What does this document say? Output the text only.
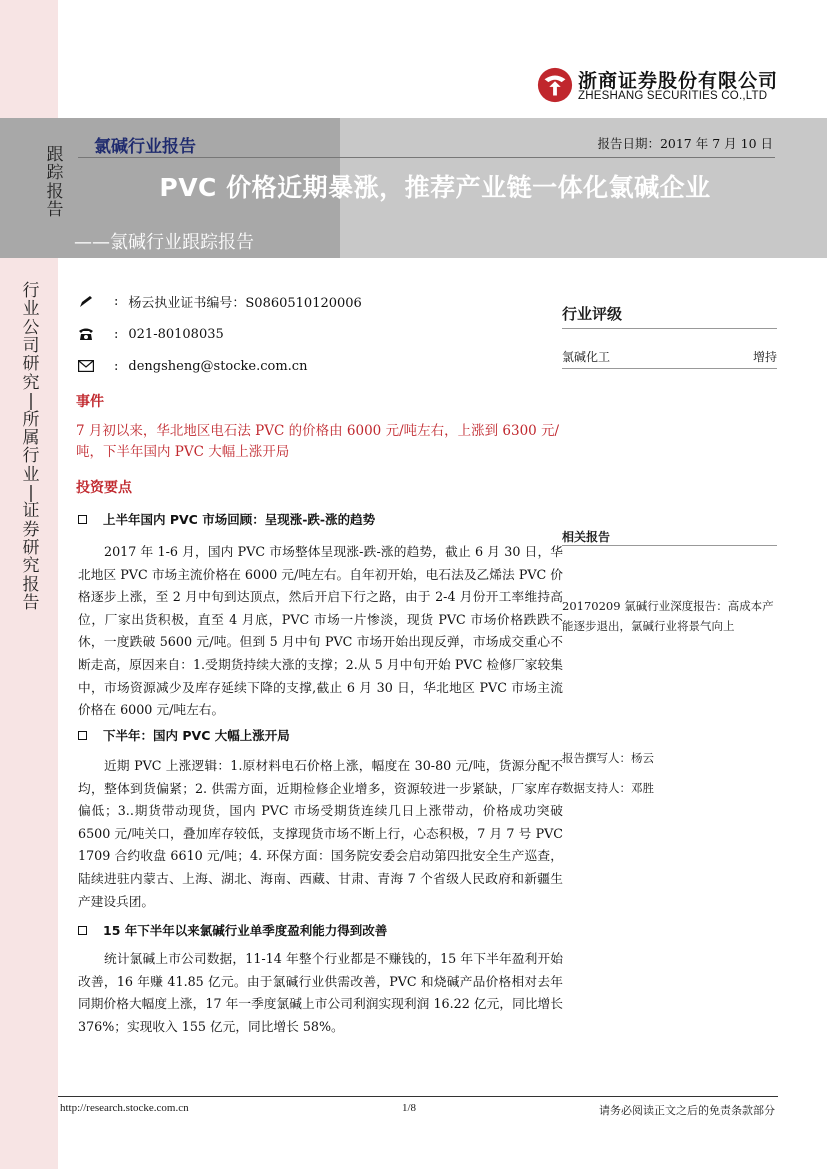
浙商证券股份有限公司
ZHESHANG SECURITIES CO.,LTD
氯碱行业报告	报告日期：2017 年 7 月 10 日
PVC 价格近期暴涨，推荐产业链一体化氯碱企业
——氯碱行业跟踪报告
跟
踪
报
告
行
业
公
司
研
究
|
所
属
行
业
|
证
券
研
究
报
告
: 杨云执业证书编号：S0860510120006
: 021-80108035
: dengsheng@stocke.com.cn
行业评级
氯碱化工	增持
相关报告
20170209 氯碱行业深度报告：高成本产能逐步退出，氯碱行业将景气向上
报告撰写人：杨云
数据支持人：邓胜
事件
7 月初以来，华北地区电石法 PVC 的价格由 6000 元/吨左右，上涨到 6300 元/吨，下半年国内 PVC 大幅上涨开局
投资要点
上半年国内 PVC 市场回顾：呈现涨-跌-涨的趋势
2017 年 1-6 月，国内 PVC 市场整体呈现涨-跌-涨的趋势，截止 6 月 30 日，华北地区 PVC 市场主流价格在 6000 元/吨左右。自年初开始，电石法及乙烯法 PVC 价格逐步上涨，至 2 月中旬到达顶点，然后开启下行之路，由于 2-4 月份开工率维持高位，厂家出货积极，直至 4 月底，PVC 市场一片惨淡，现货 PVC 市场价格跌跌不休，一度跌破 5600 元/吨。但到 5 月中旬 PVC 市场开始出现反弹，市场成交重心不断走高，原因来自：1.受期货持续大涨的支撑；2.从 5 月中旬开始 PVC 检修厂家较集中，市场资源减少及库存延续下降的支撑,截止 6 月 30 日，华北地区 PVC 市场主流价格在 6000 元/吨左右。
下半年：国内 PVC 大幅上涨开局
近期 PVC 上涨逻辑：1.原材料电石价格上涨，幅度在 30-80 元/吨，货源分配不均，整体到货偏紧；2. 供需方面，近期检修企业增多，资源较进一步紧缺，厂家库存偏低；3..期货带动现货，国内 PVC 市场受期货连续几日上涨带动，价格成功突破 6500 元/吨关口，叠加库存较低，支撑现货市场不断上行，心态积极，7 月 7 号 PVC 1709 合约收盘 6610 元/吨；4. 环保方面：国务院安委会启动第四批安全生产巡查，陆续进驻内蒙古、上海、湖北、海南、西藏、甘肃、青海 7 个省级人民政府和新疆生产建设兵团。
15 年下半年以来氯碱行业单季度盈利能力得到改善
统计氯碱上市公司数据，11-14 年整个行业都是不赚钱的，15 年下半年盈利开始改善，16 年赚 41.85 亿元。由于氯碱行业供需改善，PVC 和烧碱产品价格相对去年同期价格大幅度上涨，17 年一季度氯碱上市公司利润实现利润 16.22 亿元，同比增长 376%；实现收入 155 亿元，同比增长 58%。
http://research.stocke.com.cn	1/8	请务必阅读正文之后的免责条款部分
